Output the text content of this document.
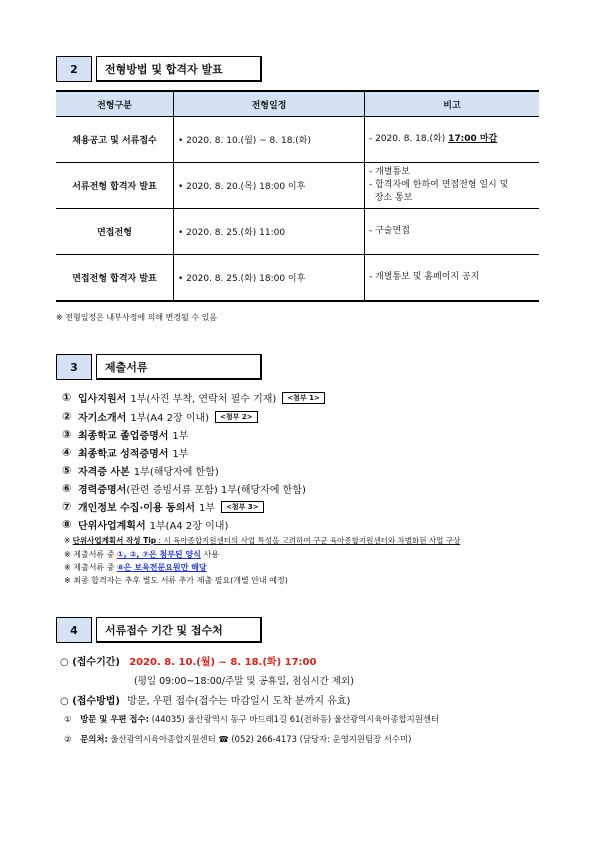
2	전형방법 및 합격자 발표
전형구분	전형일정	비고
채용공고 및 서류접수	• 2020. 8. 10.(월) ~ 8. 18.(화)	- 2020. 8. 18.(화) 17:00 마감
서류전형 합격자 발표	• 2020. 8. 20.(목) 18:00 이후	- 개별통보
- 합격자에 한하여 면접전형 일시 및
장소 통보

면접전형	• 2020. 8. 25.(화) 11:00	- 구술면접
면접전형 합격자 발표	• 2020. 8. 25.(화) 18:00 이후	- 개별통보 및 홈페이지 공지
※ 전형일정은 내부사정에 의해 변경될 수 있음
3	제출서류
① 입사지원서 1부(사진 부착, 연락처 필수 기재)	<첨부 1>
② 자기소개서 1부(A4 2장 이내)	<첨부 2>
③ 최종학교 졸업증명서 1부
④ 최종학교 성적증명서 1부
⑤ 자격증 사본 1부(해당자에 한함)
⑥ 경력증명서 (관련 증빙서류 포함) 1부(해당자에 한함)
⑦ 개인정보 수집·이용 동의서 1부	<첨부 3>
⑧ 단위사업계획서 1부(A4 2장 이내)
※ 단위사업계획서 작성 Tip : 시 육아종합지원센터의 사업 특성을 고려하여 구군 육아종합지원센터와 차별화된 사업 구상
※ 제출서류 중 ①, ②, ⑦은 첨부된 양식 사용
※ 제출서류 중 ⑧은 보육전문요원만 해당
※ 최종 합격자는 추후 별도 서류 추가 제출 필요(개별 안내 예정)
4	서류접수 기간 및 접수처
○ (접수기간) 2020. 8. 10.(월) ~ 8. 18.(화) 17:00
(평일 09:00~18:00/주말 및 공휴일, 점심시간 제외)
○ (접수방법) 방문, 우편 접수(접수는 마감일시 도착 분까지 유효)
① 방문 및 우편 접수: (44035) 울산광역시 동구 바드래1길 61(전하동) 울산광역시육아종합지원센터
② 문의처: 울산광역시육아종합지원센터 ☎ (052) 266-4173 (담당자: 운영지원팀장 서수미)
